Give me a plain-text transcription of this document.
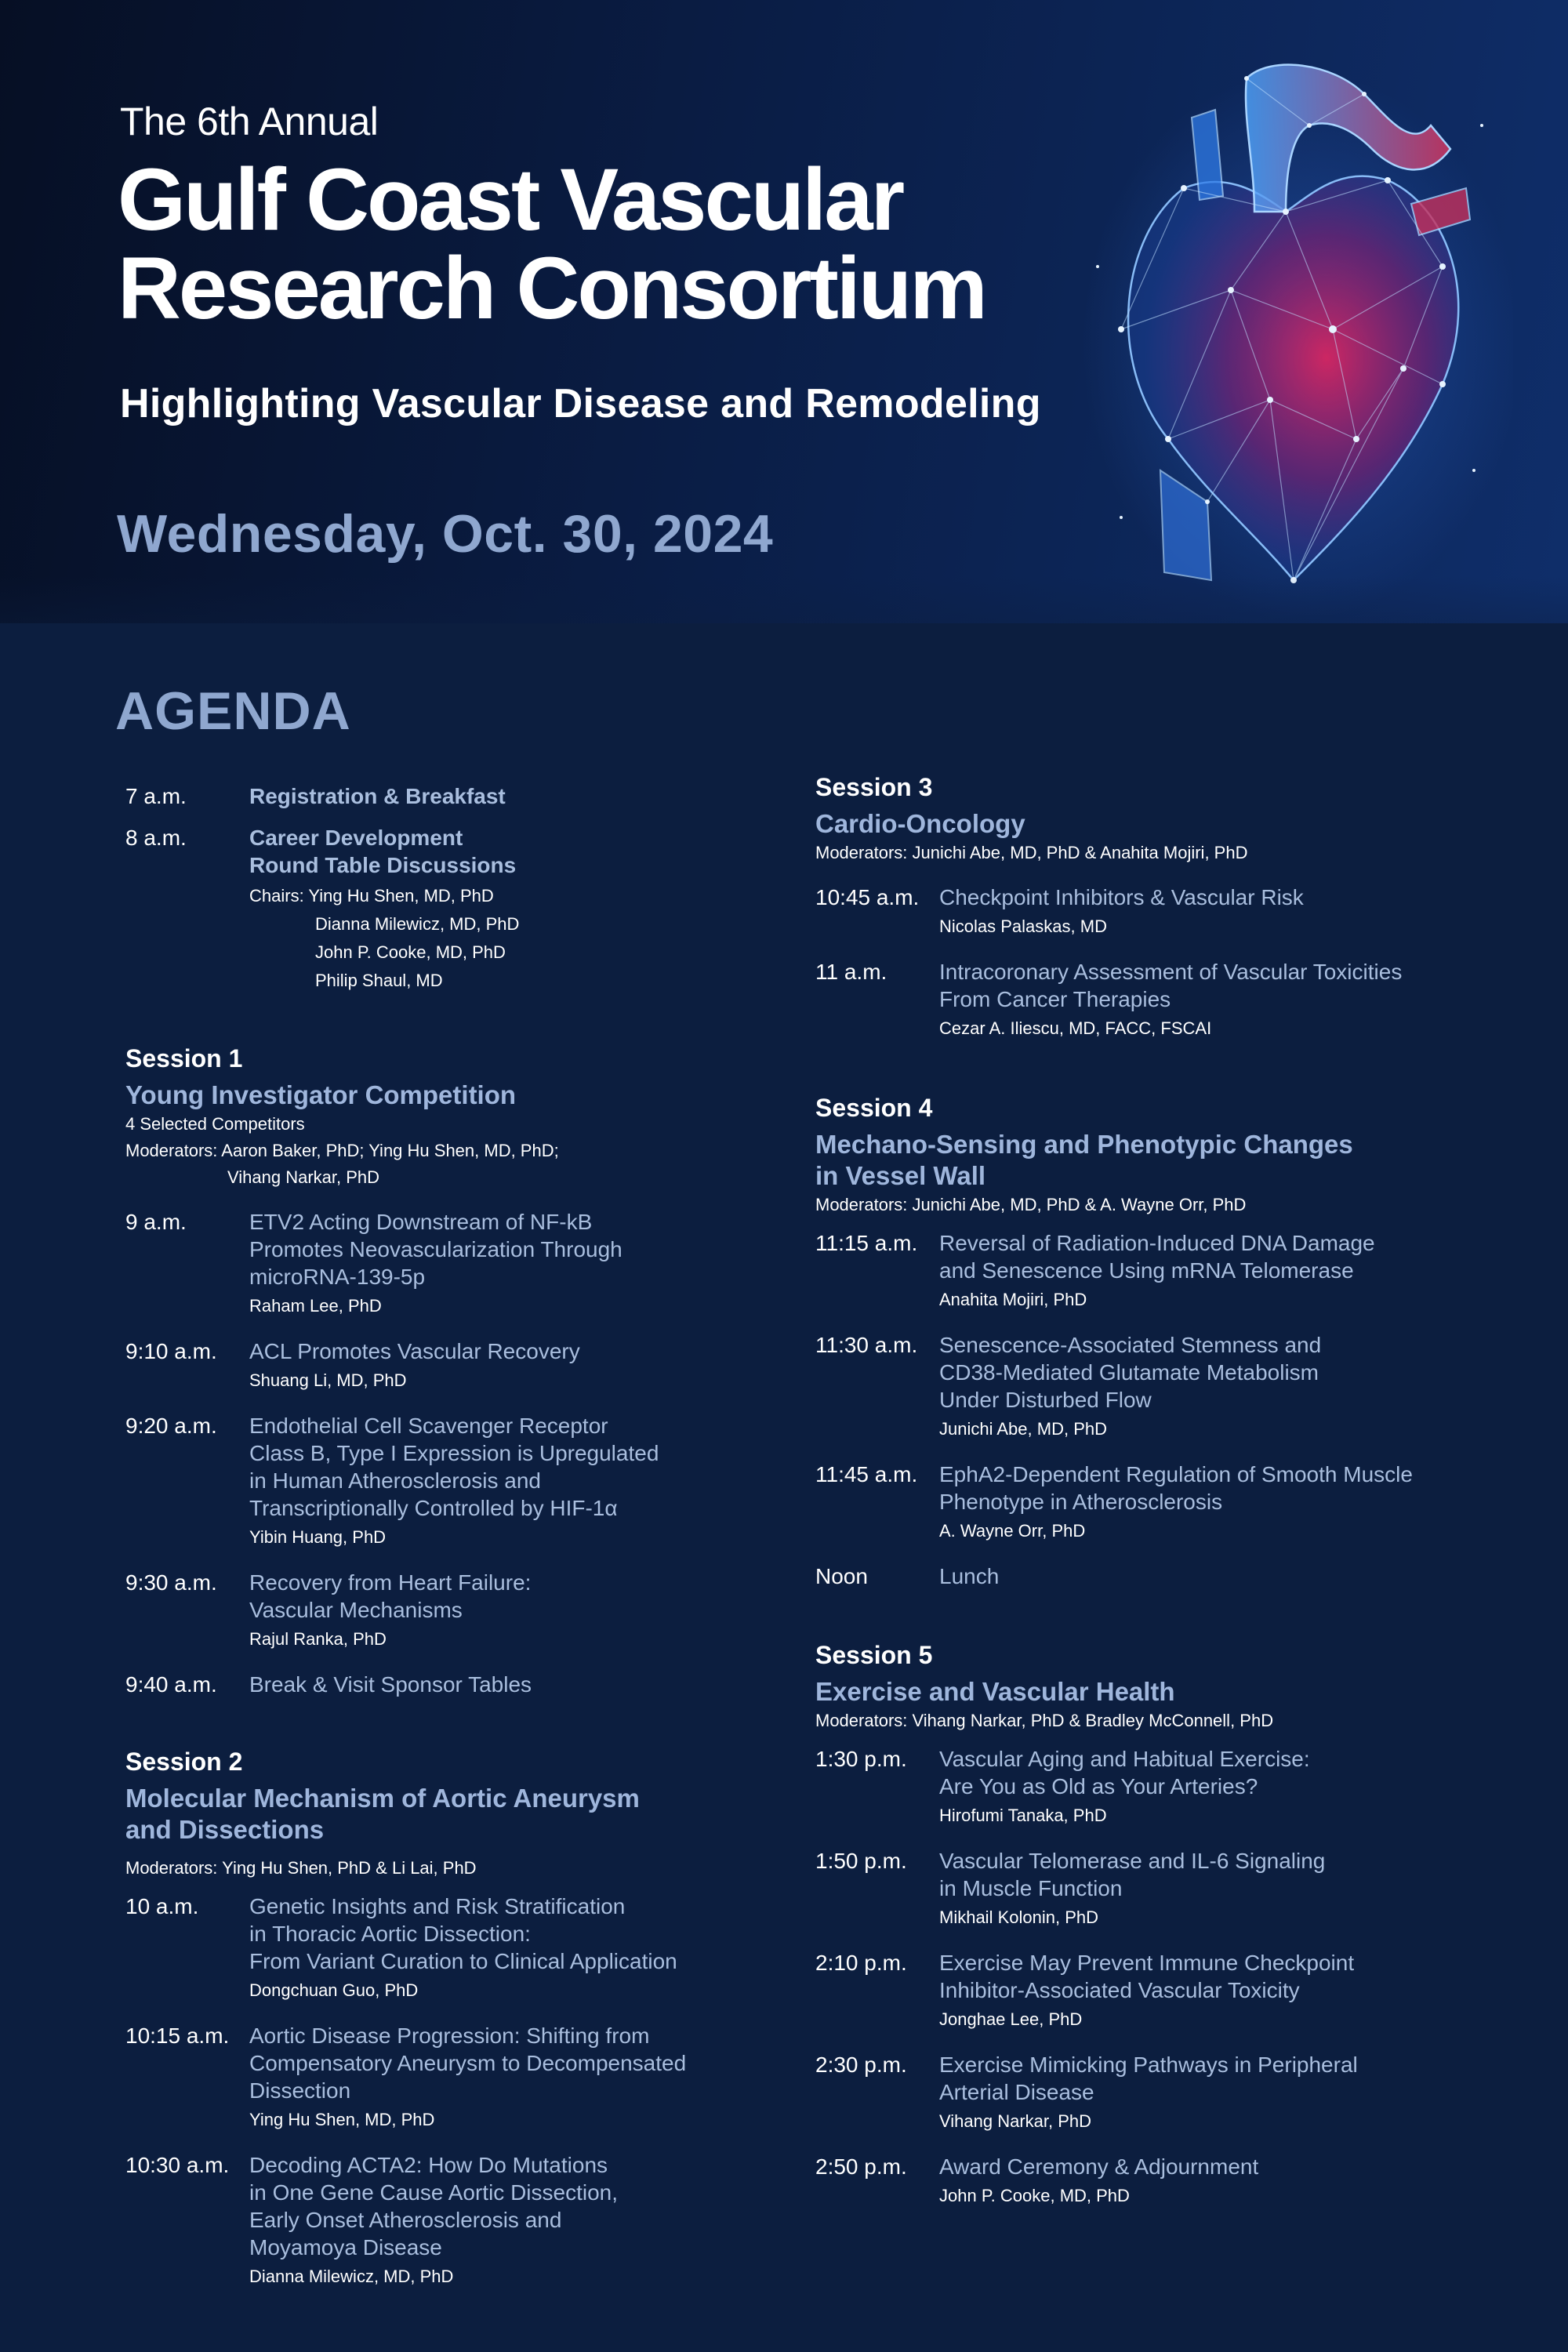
The 6th Annual
Gulf Coast Vascular
Research Consortium
Highlighting Vascular Disease and Remodeling
Wednesday, Oct. 30, 2024
AGENDA
7 a.m.	Registration & Breakfast
8 a.m.	Career Development
Round Table Discussions
Chairs: Ying Hu Shen, MD, PhD
Dianna Milewicz, MD, PhD
John P. Cooke, MD, PhD
Philip Shaul, MD
Session 1
Young Investigator Competition
4 Selected Competitors
Moderators: Aaron Baker, PhD; Ying Hu Shen, MD, PhD;
Vihang Narkar, PhD
9 a.m.	ETV2 Acting Downstream of NF-kB
Promotes Neovascularization Through
microRNA-139-5p
Raham Lee, PhD
9:10 a.m.	ACL Promotes Vascular Recovery
Shuang Li, MD, PhD
9:20 a.m.	Endothelial Cell Scavenger Receptor
Class B, Type I Expression is Upregulated
in Human Atherosclerosis and
Transcriptionally Controlled by HIF-1α
Yibin Huang, PhD
9:30 a.m.	Recovery from Heart Failure:
Vascular Mechanisms
Rajul Ranka, PhD
9:40 a.m.	Break & Visit Sponsor Tables
Session 2
Molecular Mechanism of Aortic Aneurysm
and Dissections
Moderators: Ying Hu Shen, PhD & Li Lai, PhD
10 a.m.	Genetic Insights and Risk Stratification
in Thoracic Aortic Dissection:
From Variant Curation to Clinical Application
Dongchuan Guo, PhD
10:15 a.m. Aortic Disease Progression: Shifting from
Compensatory Aneurysm to Decompensated
Dissection
Ying Hu Shen, MD, PhD
10:30 a.m. Decoding ACTA2: How Do Mutations
in One Gene Cause Aortic Dissection,
Early Onset Atherosclerosis and
Moyamoya Disease
Dianna Milewicz, MD, PhD
Session 3
Cardio-Oncology
Moderators: Junichi Abe, MD, PhD & Anahita Mojiri, PhD
10:45 a.m. Checkpoint Inhibitors & Vascular Risk
Nicolas Palaskas, MD
11 a.m.	Intracoronary Assessment of Vascular Toxicities
From Cancer Therapies
Cezar A. Iliescu, MD, FACC, FSCAI
Session 4
Mechano-Sensing and Phenotypic Changes
in Vessel Wall
Moderators: Junichi Abe, MD, PhD & A. Wayne Orr, PhD
11:15 a.m. Reversal of Radiation-Induced DNA Damage
and Senescence Using mRNA Telomerase
Anahita Mojiri, PhD
11:30 a.m. Senescence-Associated Stemness and
CD38-Mediated Glutamate Metabolism
Under Disturbed Flow
Junichi Abe, MD, PhD
11:45 a.m. EphA2-Dependent Regulation of Smooth Muscle
Phenotype in Atherosclerosis
A. Wayne Orr, PhD
Noon	Lunch
Session 5
Exercise and Vascular Health
Moderators: Vihang Narkar, PhD & Bradley McConnell, PhD
1:30 p.m.	Vascular Aging and Habitual Exercise:
Are You as Old as Your Arteries?
Hirofumi Tanaka, PhD
1:50 p.m.	Vascular Telomerase and IL-6 Signaling
in Muscle Function
Mikhail Kolonin, PhD
2:10 p.m.	Exercise May Prevent Immune Checkpoint
Inhibitor-Associated Vascular Toxicity
Jonghae Lee, PhD
2:30 p.m.	Exercise Mimicking Pathways in Peripheral
Arterial Disease
Vihang Narkar, PhD
2:50 p.m.	Award Ceremony & Adjournment
John P. Cooke, MD, PhD
